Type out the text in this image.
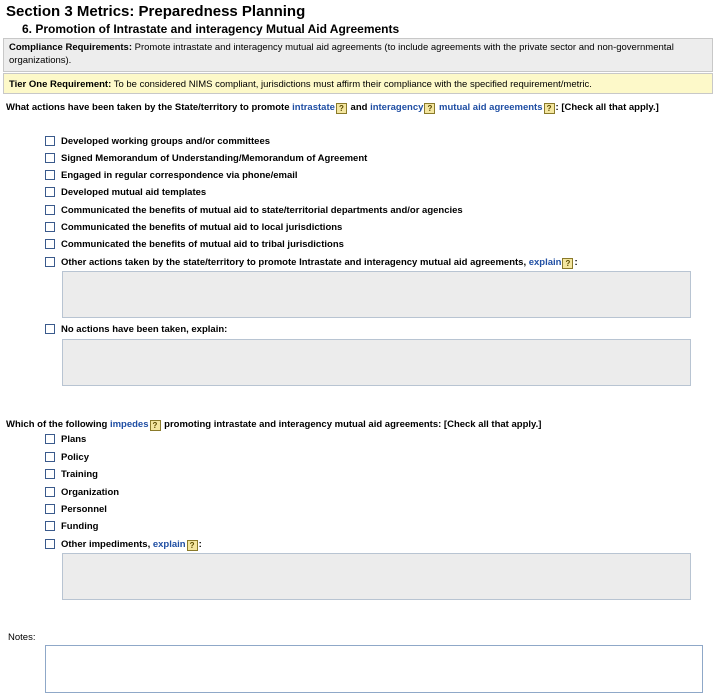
Section 3 Metrics: Preparedness Planning
6. Promotion of Intrastate and interagency Mutual Aid Agreements
Compliance Requirements: Promote intrastate and interagency mutual aid agreements (to include agreements with the private sector and non-governmental organizations).
Tier One Requirement: To be considered NIMS compliant, jurisdictions must affirm their compliance with the specified requirement/metric.
What actions have been taken by the State/territory to promote intrastate ? and interagency ? mutual aid agreements ? : [Check all that apply.]
Developed working groups and/or committees
Signed Memorandum of Understanding/Memorandum of Agreement
Engaged in regular correspondence via phone/email
Developed mutual aid templates
Communicated the benefits of mutual aid to state/territorial departments and/or agencies
Communicated the benefits of mutual aid to local jurisdictions
Communicated the benefits of mutual aid to tribal jurisdictions
Other actions taken by the state/territory to promote Intrastate and interagency mutual aid agreements, explain ? :
No actions have been taken, explain:
Which of the following impedes ? promoting intrastate and interagency mutual aid agreements: [Check all that apply.]
Plans
Policy
Training
Organization
Personnel
Funding
Other impediments, explain ? :
Notes:
